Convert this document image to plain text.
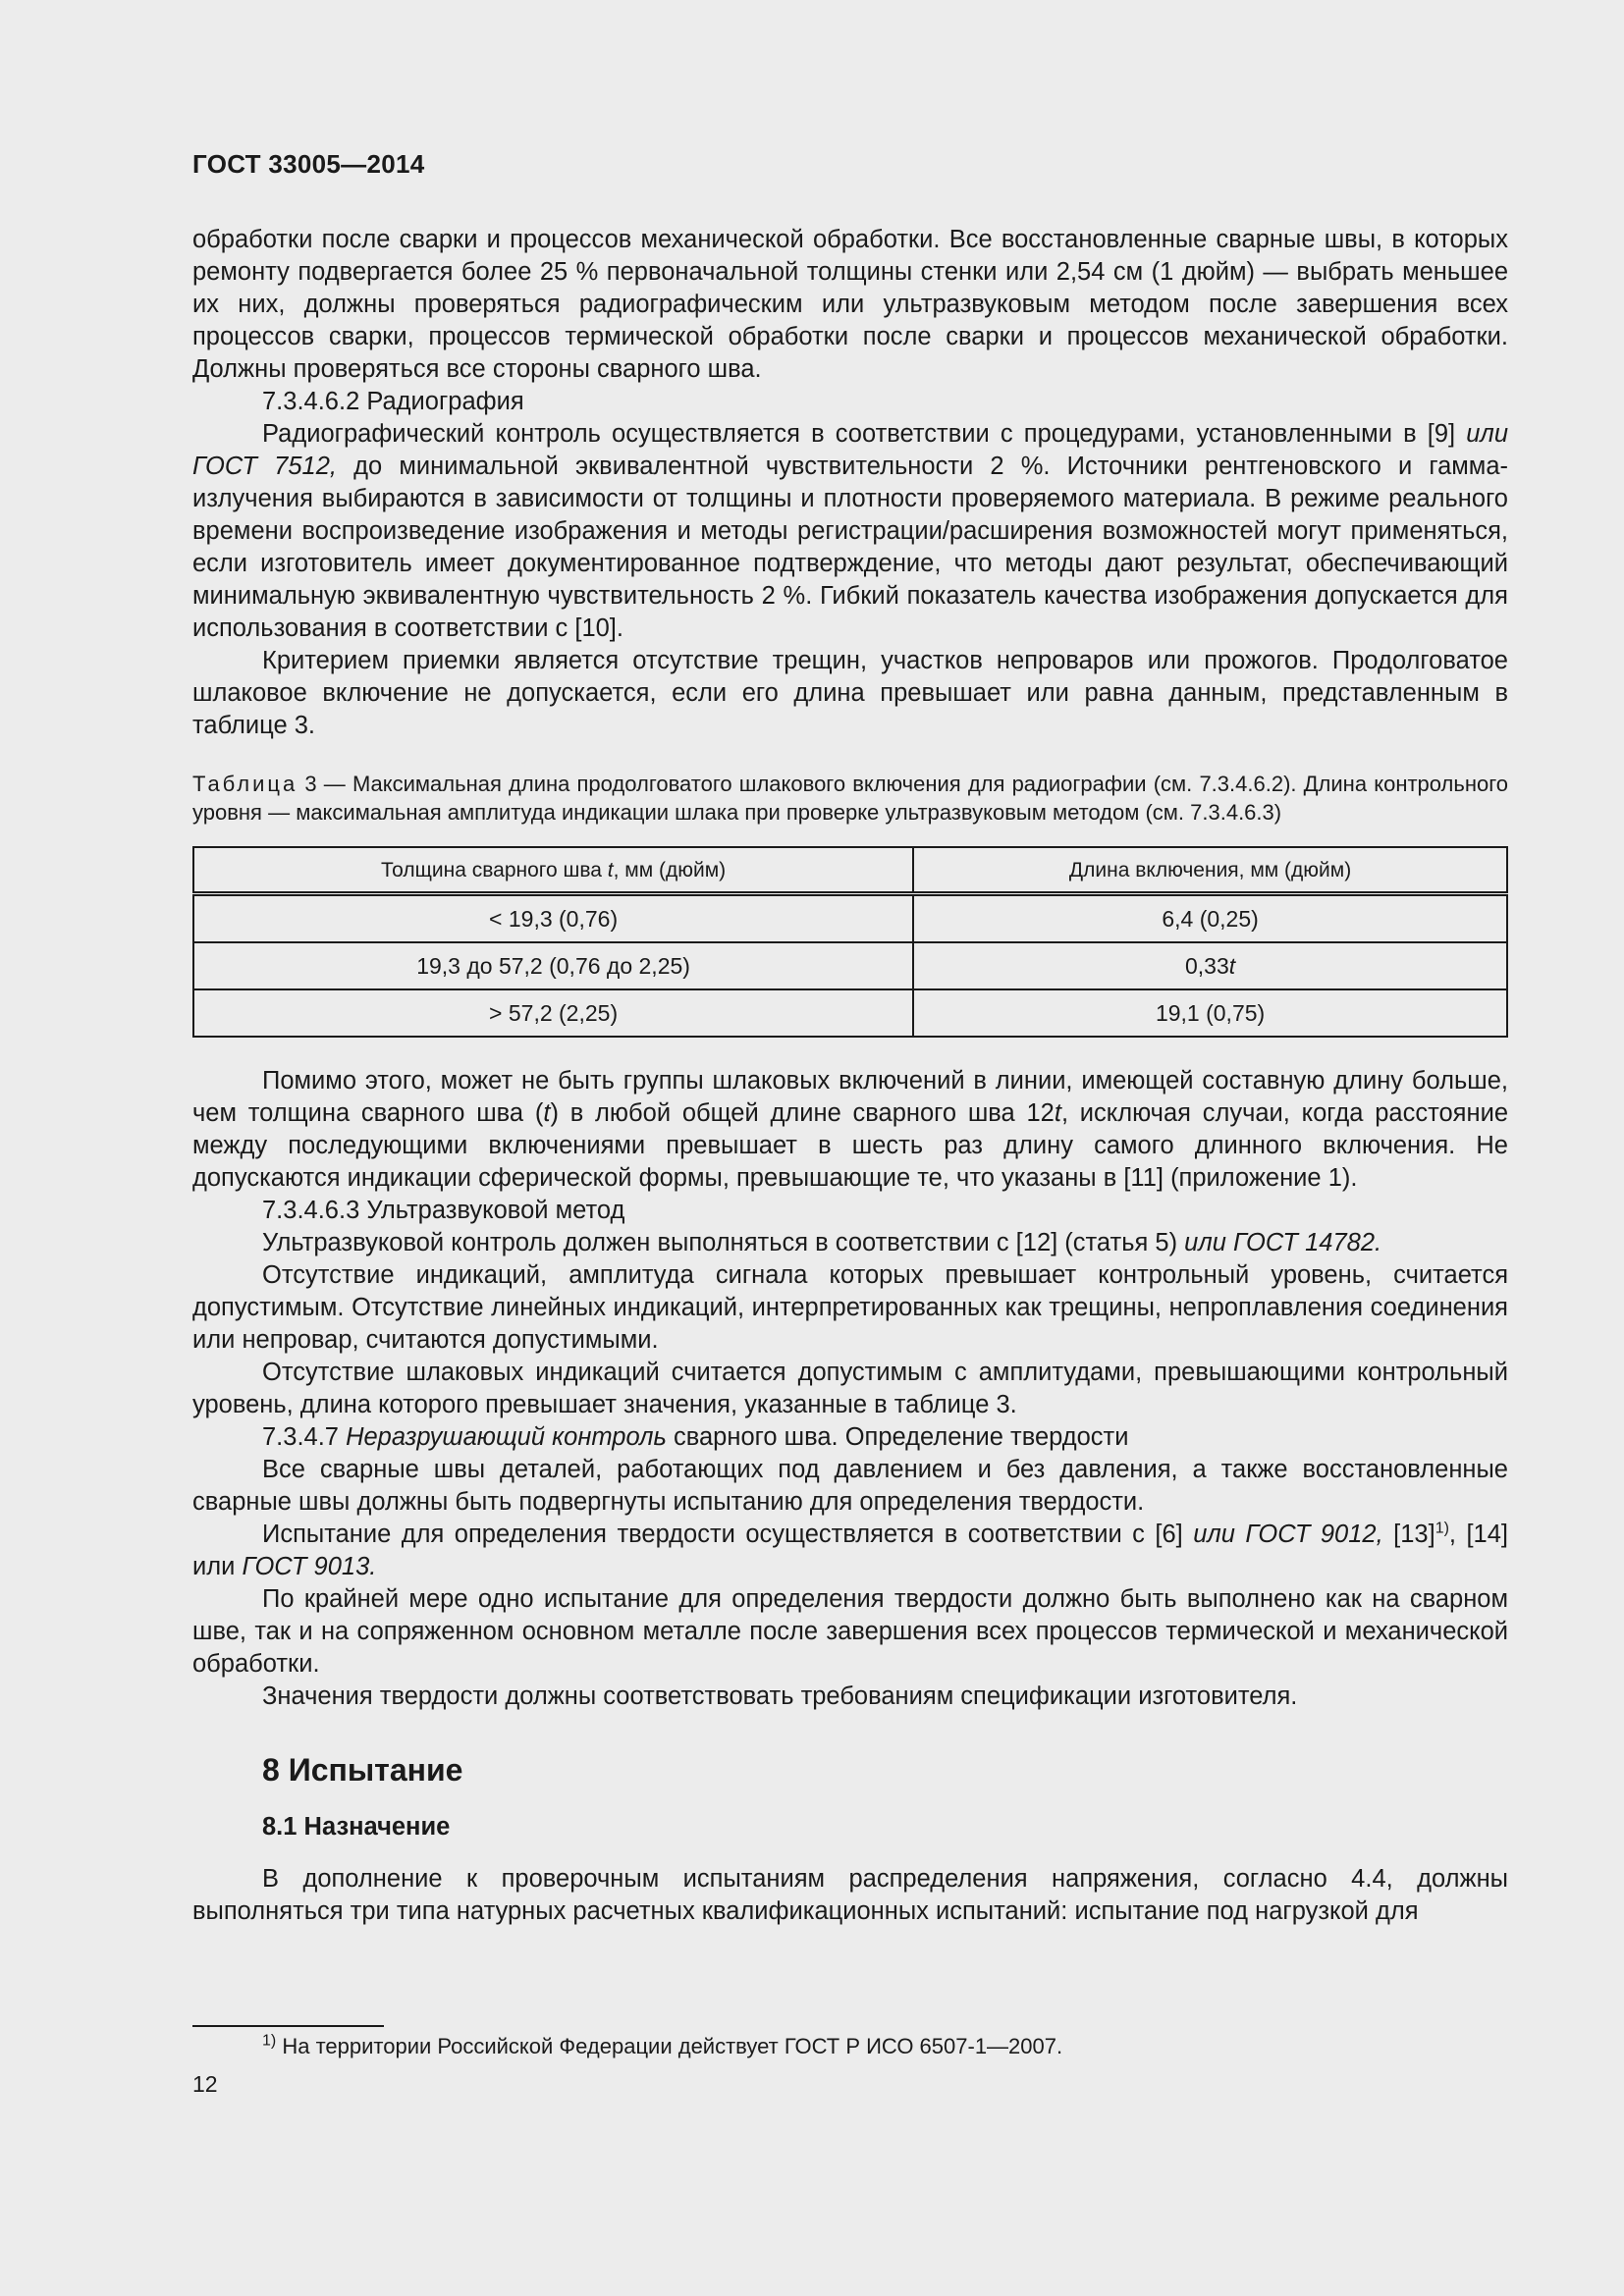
ГОСТ 33005—2014

обработки после сварки и процессов механической обработки. Все восстановленные сварные швы, в которых ремонту подвергается более 25 % первоначальной толщины стенки или 2,54 см (1 дюйм) — выбрать меньшее их них, должны проверяться радиографическим или ультразвуковым методом после завершения всех процессов сварки, процессов термической обработки после сварки и процессов механической обработки. Должны проверяться все стороны сварного шва.

7.3.4.6.2 Радиография

Радиографический контроль осуществляется в соответствии с процедурами, установленными в [9] или ГОСТ 7512, до минимальной эквивалентной чувствительности 2 %. Источники рентгеновского и гамма-излучения выбираются в зависимости от толщины и плотности проверяемого материала. В режиме реального времени воспроизведение изображения и методы регистрации/расширения возможностей могут применяться, если изготовитель имеет документированное подтверждение, что методы дают результат, обеспечивающий минимальную эквивалентную чувствительность 2 %. Гибкий показатель качества изображения допускается для использования в соответствии с [10].

Критерием приемки является отсутствие трещин, участков непроваров или прожогов. Продолговатое шлаковое включение не допускается, если его длина превышает или равна данным, представленным в таблице 3.

Таблица 3 — Максимальная длина продолговатого шлакового включения для радиографии (см. 7.3.4.6.2). Длина контрольного уровня — максимальная амплитуда индикации шлака при проверке ультразвуковым методом (см. 7.3.4.6.3)
Толщина сварного шва t, мм (дюйм)	Длина включения, мм (дюйм)
< 19,3 (0,76)	6,4 (0,25)
19,3 до 57,2 (0,76 до 2,25)	0,33t
> 57,2 (2,25)	19,1 (0,75)

Помимо этого, может не быть группы шлаковых включений в линии, имеющей составную длину больше, чем толщина сварного шва (t) в любой общей длине сварного шва 12t, исключая случаи, когда расстояние между последующими включениями превышает в шесть раз длину самого длинного включения. Не допускаются индикации сферической формы, превышающие те, что указаны в [11] (приложение 1).

7.3.4.6.3 Ультразвуковой метод

Ультразвуковой контроль должен выполняться в соответствии с [12] (статья 5) или ГОСТ 14782.

Отсутствие индикаций, амплитуда сигнала которых превышает контрольный уровень, считается допустимым. Отсутствие линейных индикаций, интерпретированных как трещины, непроплавления соединения или непровар, считаются допустимыми.

Отсутствие шлаковых индикаций считается допустимым с амплитудами, превышающими контрольный уровень, длина которого превышает значения, указанные в таблице 3.

7.3.4.7 Неразрушающий контроль сварного шва. Определение твердости

Все сварные швы деталей, работающих под давлением и без давления, а также восстановленные сварные швы должны быть подвергнуты испытанию для определения твердости.

Испытание для определения твердости осуществляется в соответствии с [6] или ГОСТ 9012, $[13]^{1)}$, [14] или ГОСТ 9013.

По крайней мере одно испытание для определения твердости должно быть выполнено как на сварном шве, так и на сопряженном основном металле после завершения всех процессов термической и механической обработки.

Значения твердости должны соответствовать требованиям спецификации изготовителя.

8 Испытание
8.1 Назначение

В дополнение к проверочным испытаниям распределения напряжения, согласно 4.4, должны выполняться три типа натурных расчетных квалификационных испытаний: испытание под нагрузкой для

$^{1)}$ На территории Российской Федерации действует ГОСТ Р ИСО 6507-1—2007.
12
